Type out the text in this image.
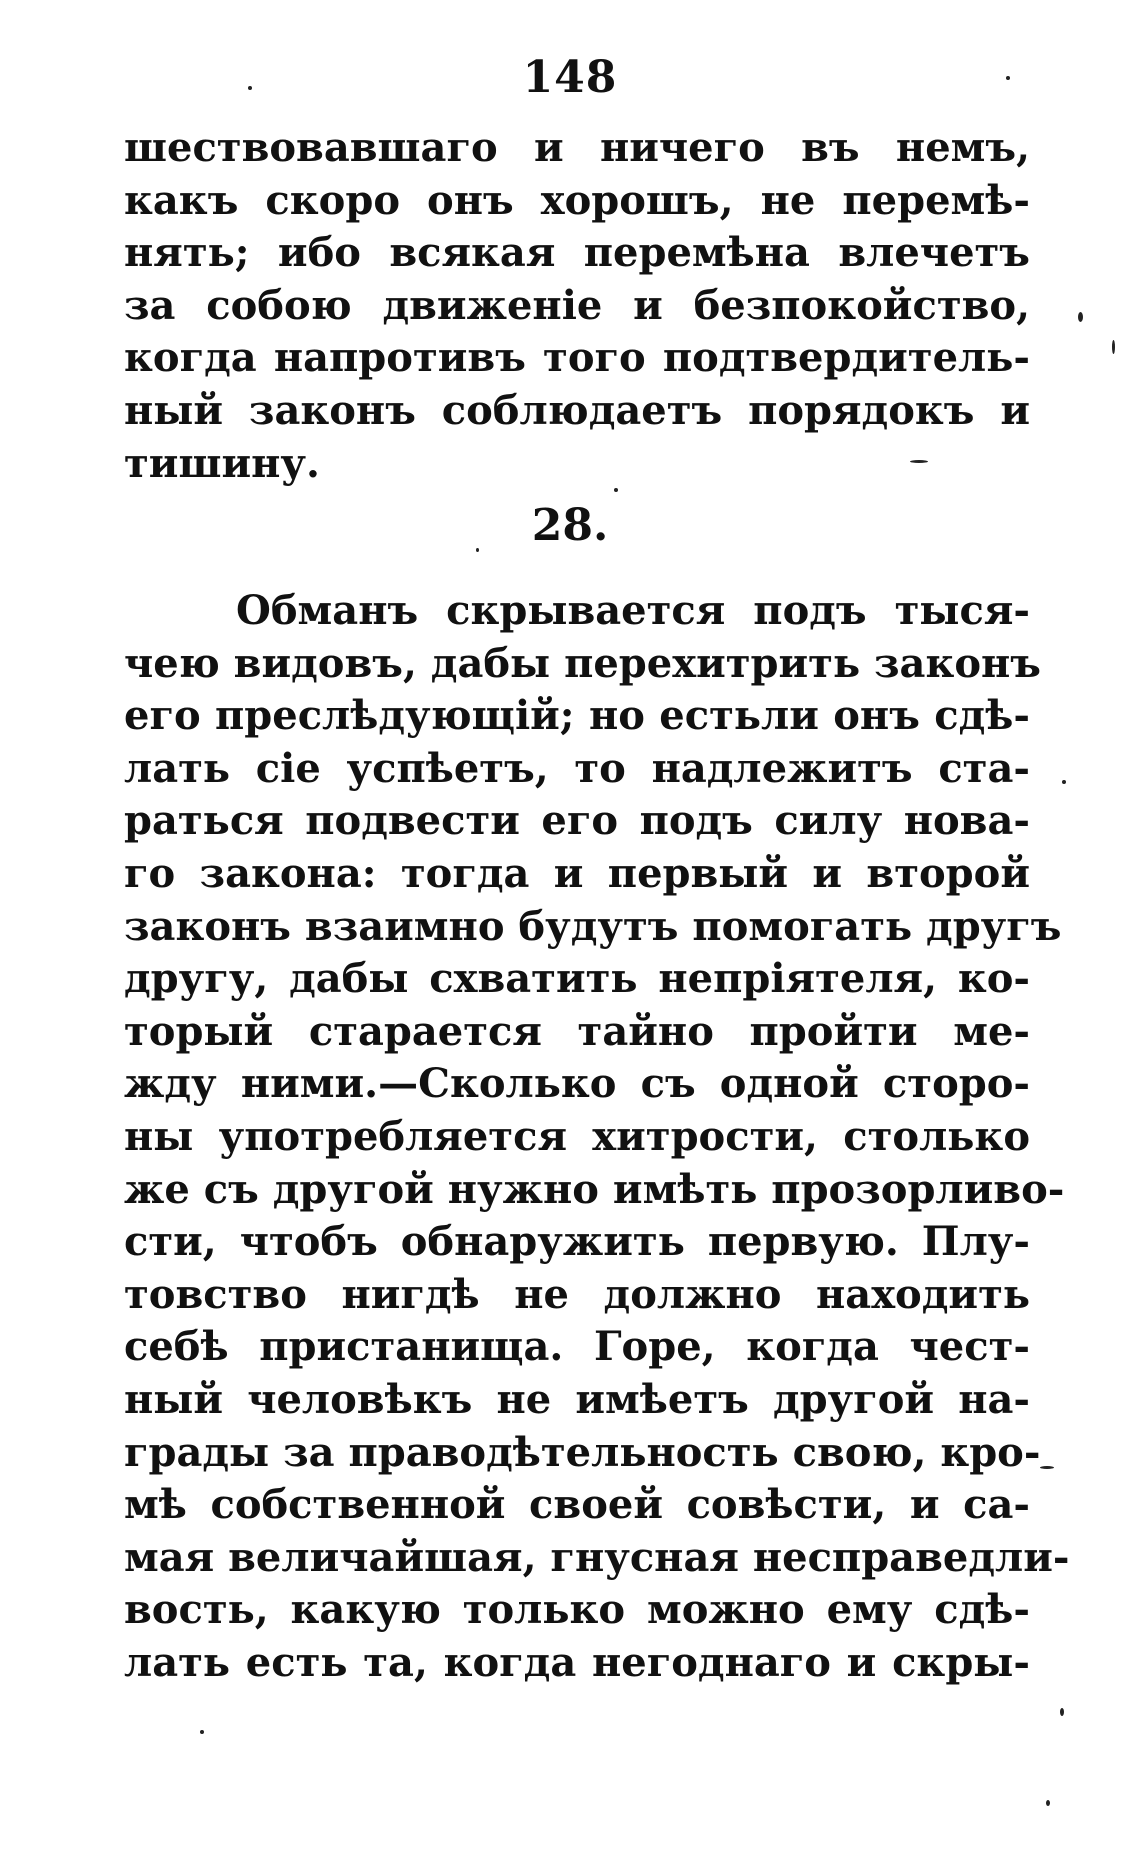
148
шествовавшаго и ничего въ немъ,
какъ скоро онъ хорошъ, не перемѣ-
нять; ибо всякая перемѣна влечетъ
за собою движеніе и безпокойство,
когда напротивъ того подтвердитель-
ный законъ соблюдаетъ порядокъ и
тишину.
28.
Обманъ скрывается подъ тыся-
чею видовъ, дабы перехитрить законъ
его преслѣдующій; но естьли онъ сдѣ-
лать сіе успѣетъ, то надлежитъ ста-
раться подвести его подъ силу нова-
го закона: тогда и первый и второй
законъ взаимно будутъ помогать другъ
другу, дабы схватить непріятеля, ко-
торый старается тайно пройти ме-
жду ними.—Сколько съ одной сторо-
ны употребляется хитрости, столько
же съ другой нужно имѣть прозорливо-
сти, чтобъ обнаружить первую. Плу-
товство нигдѣ не должно находить
себѣ пристанища. Горе, когда чест-
ный человѣкъ не имѣетъ другой на-
грады за праводѣтельность свою, кро-
мѣ собственной своей совѣсти, и са-
мая величайшая, гнусная несправедли-
вость, какую только можно ему сдѣ-
лать есть та, когда негоднаго и скры-
